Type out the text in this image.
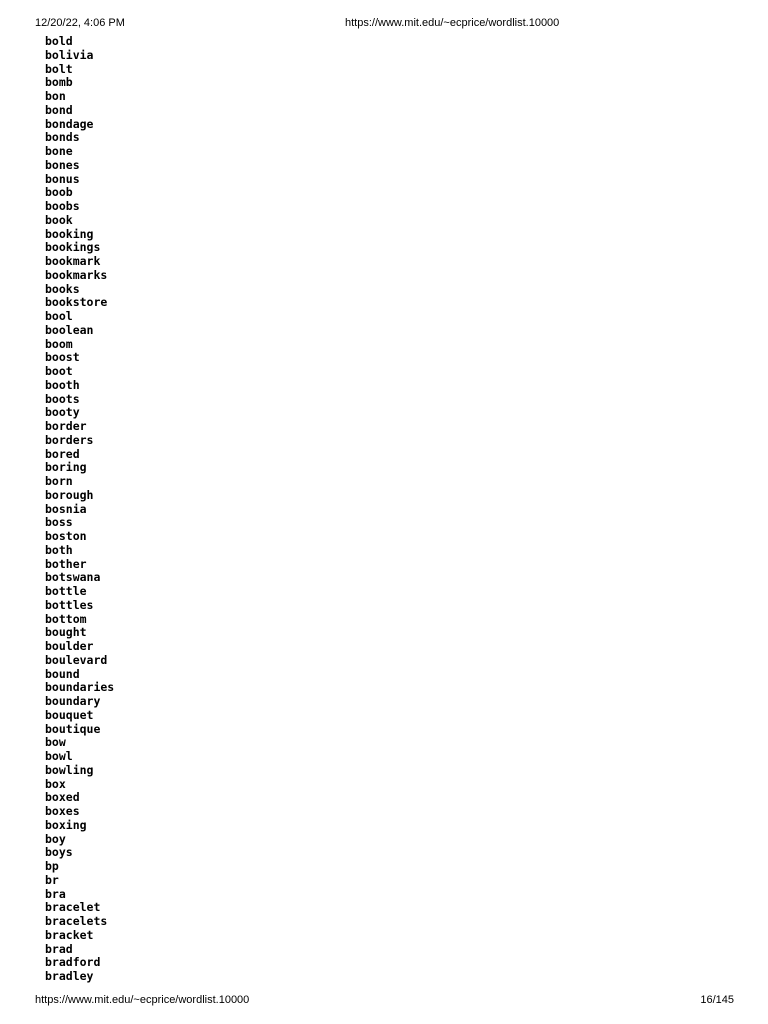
12/20/22, 4:06 PM	https://www.mit.edu/~ecprice/wordlist.10000
bold
bolivia
bolt
bomb
bon
bond
bondage
bonds
bone
bones
bonus
boob
boobs
book
booking
bookings
bookmark
bookmarks
books
bookstore
bool
boolean
boom
boost
boot
booth
boots
booty
border
borders
bored
boring
born
borough
bosnia
boss
boston
both
bother
botswana
bottle
bottles
bottom
bought
boulder
boulevard
bound
boundaries
boundary
bouquet
boutique
bow
bowl
bowling
box
boxed
boxes
boxing
boy
boys
bp
br
bra
bracelet
bracelets
bracket
brad
bradford
bradley
https://www.mit.edu/~ecprice/wordlist.10000	16/145
